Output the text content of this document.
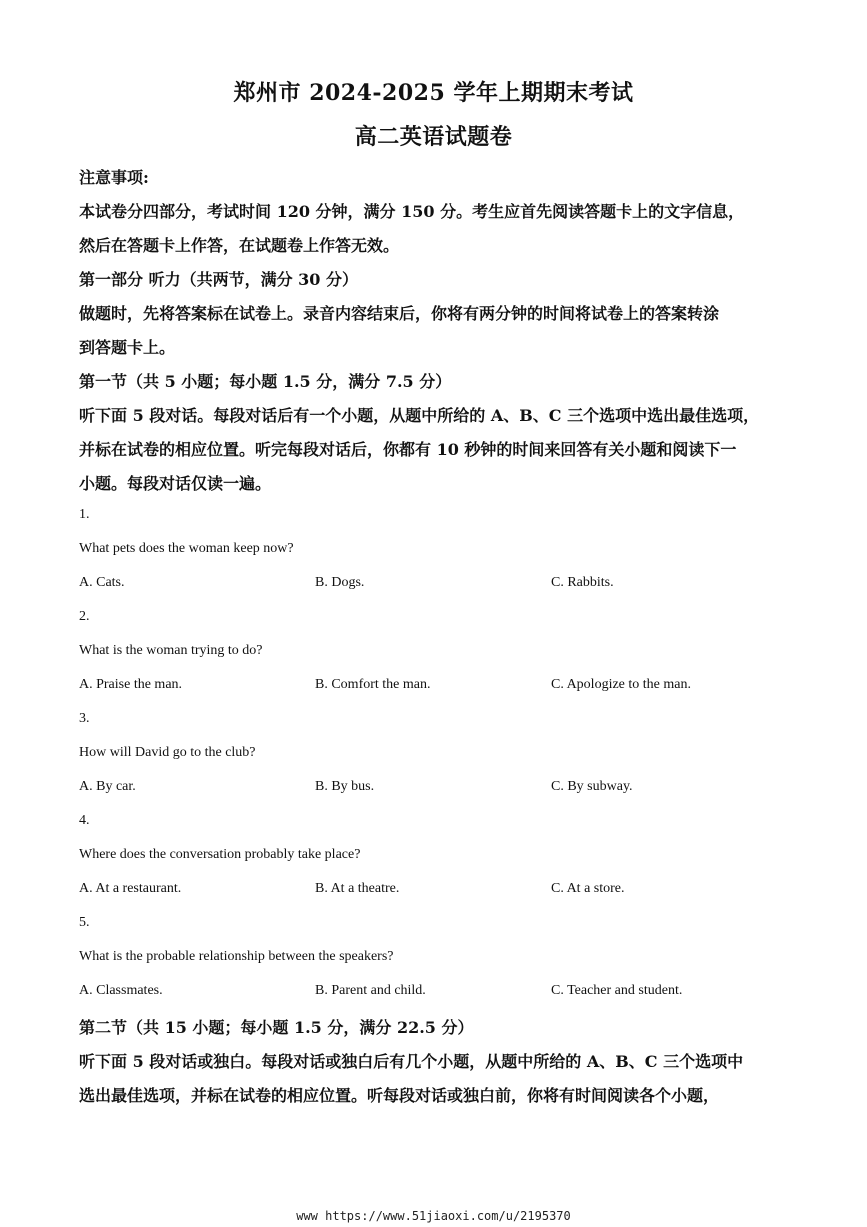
郑州市 2024-2025 学年上期期末考试
高二英语试题卷
注意事项:
本试卷分四部分，考试时间 120 分钟，满分 150 分。考生应首先阅读答题卡上的文字信息，
然后在答题卡上作答，在试题卷上作答无效。
第一部分 听力（共两节，满分 30 分）
做题时，先将答案标在试卷上。录音内容结束后，你将有两分钟的时间将试卷上的答案转涂
到答题卡上。
第一节（共 5 小题；每小题 1.5 分，满分 7.5 分）
听下面 5 段对话。每段对话后有一个小题，从题中所给的 A、B、C 三个选项中选出最佳选项，
并标在试卷的相应位置。听完每段对话后，你都有 10 秒钟的时间来回答有关小题和阅读下一
小题。每段对话仅读一遍。
1.
What pets does the woman keep now?
A. Cats.	B. Dogs.	C. Rabbits.
2.
What is the woman trying to do?
A. Praise the man.	B. Comfort the man.	C. Apologize to the man.
3.
How will David go to the club?
A. By car.	B. By bus.	C. By subway.
4.
Where does the conversation probably take place?
A. At a restaurant.	B. At a theatre.	C. At a store.
5.
What is the probable relationship between the speakers?
A. Classmates.	B. Parent and child.	C. Teacher and student.
第二节（共 15 小题；每小题 1.5 分，满分 22.5 分）
听下面 5 段对话或独白。每段对话或独白后有几个小题，从题中所给的 A、B、C 三个选项中
选出最佳选项，并标在试卷的相应位置。听每段对话或独白前，你将有时间阅读各个小题，
www https://www.51jiaoxi.com/u/2195370
